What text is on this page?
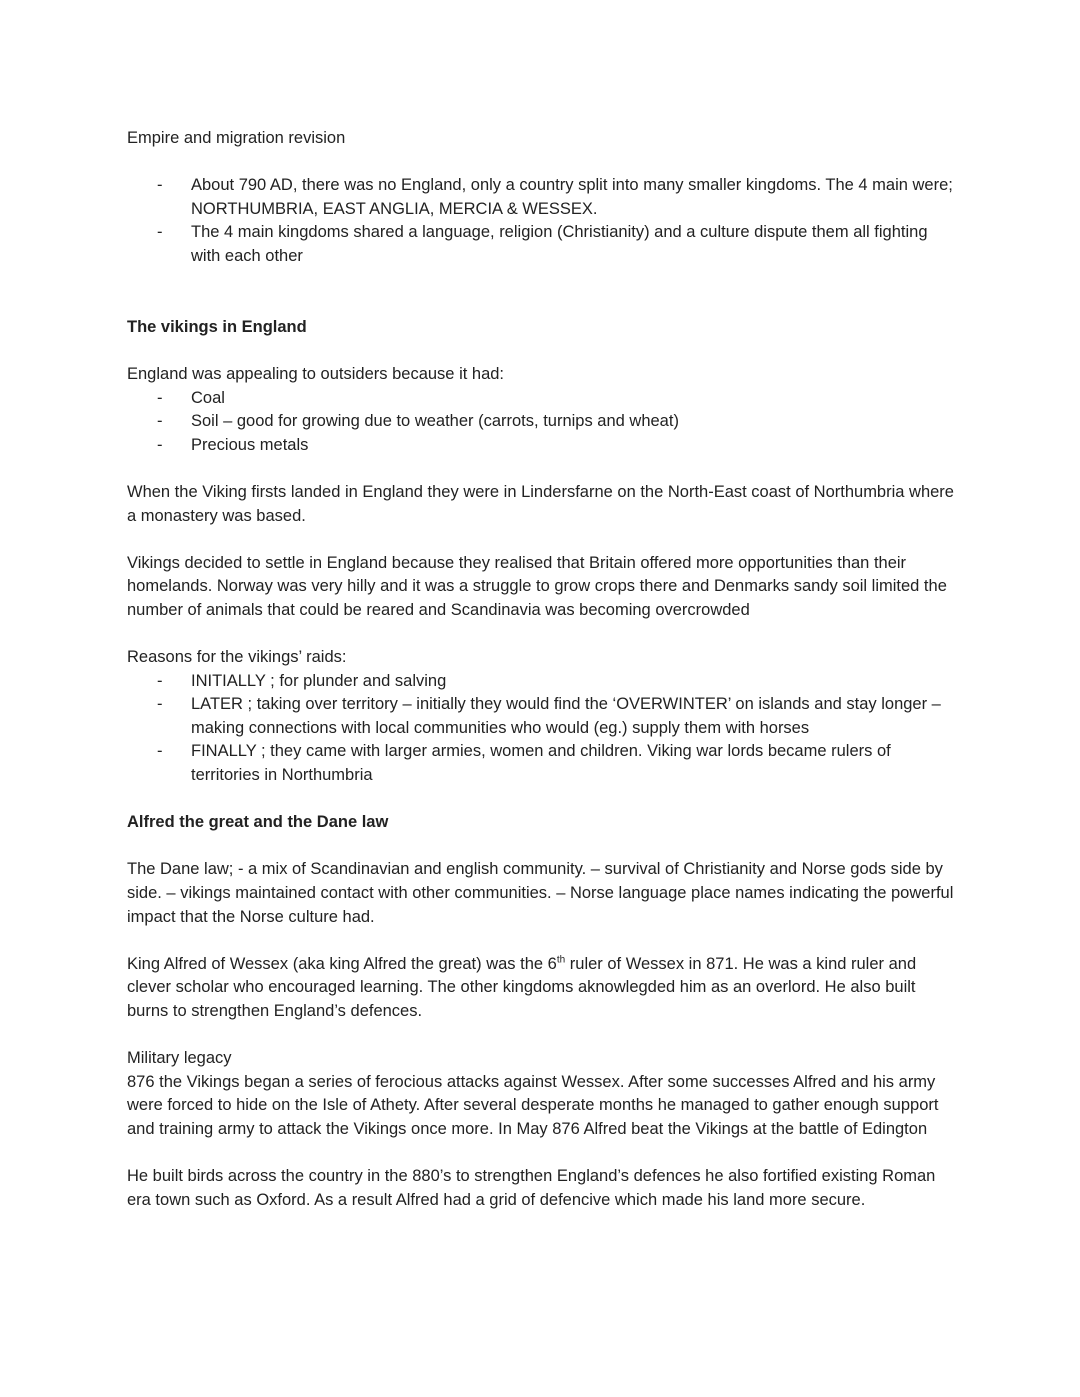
Empire and migration revision

- About 790 AD, there was no England, only a country split into many smaller kingdoms. The 4 main were; NORTHUMBRIA, EAST ANGLIA, MERCIA & WESSEX.
- The 4 main kingdoms shared a language, religion (Christianity) and a culture dispute them all fighting with each other
The vikings in England

England was appealing to outsiders because it had:

- Coal
- Soil – good for growing due to weather (carrots, turnips and wheat)
- Precious metals

When the Viking firsts landed in England they were in Lindersfarne on the North-East coast of Northumbria where a monastery was based.

Vikings decided to settle in England because they realised that Britain offered more opportunities than their homelands. Norway was very hilly and it was a struggle to grow crops there and Denmarks sandy soil limited the number of animals that could be reared and Scandinavia was becoming overcrowded

Reasons for the vikings’ raids:

- INITIALLY ; for plunder and salving
- LATER ; taking over territory – initially they would find the ‘OVERWINTER’ on islands and stay longer – making connections with local communities who would (eg.) supply them with horses
- FINALLY ; they came with larger armies, women and children. Viking war lords became rulers of territories in Northumbria
Alfred the great and the Dane law

The Dane law; - a mix of Scandinavian and english community. – survival of Christianity and Norse gods side by side. – vikings maintained contact with other communities. – Norse language place names indicating the powerful impact that the Norse culture had.

King Alfred of Wessex (aka king Alfred the great) was the 6th ruler of Wessex in 871. He was a kind ruler and clever scholar who encouraged learning. The other kingdoms aknowlegded him as an overlord. He also built burns to strengthen England’s defences.

Military legacy

876 the Vikings began a series of ferocious attacks against Wessex. After some successes Alfred and his army were forced to hide on the Isle of Athety. After several desperate months he managed to gather enough support and training army to attack the Vikings once more. In May 876 Alfred beat the Vikings at the battle of Edington

He built birds across the country in the 880’s to strengthen England’s defences he also fortified existing Roman era town such as Oxford. As a result Alfred had a grid of defencive which made his land more secure.
